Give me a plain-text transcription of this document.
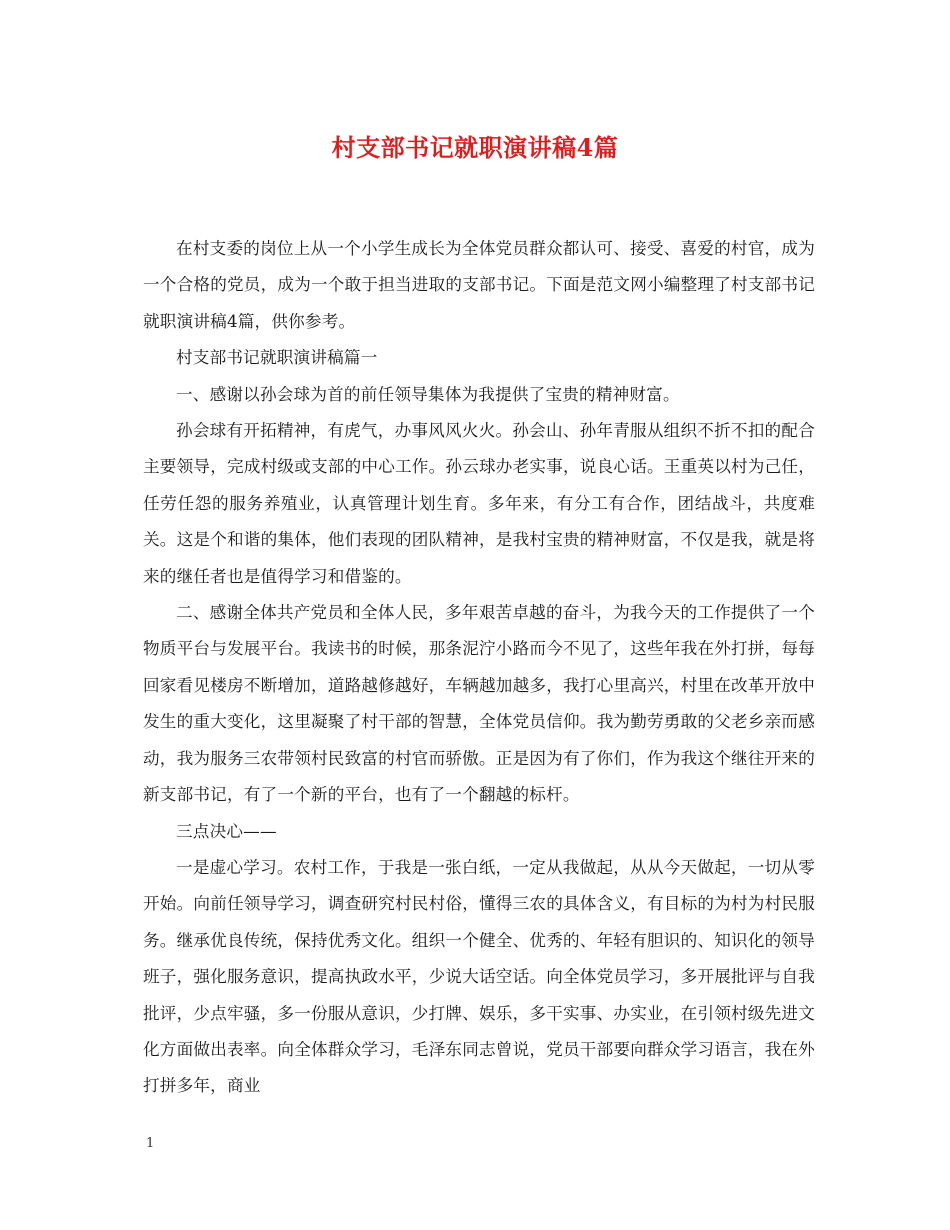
村支部书记就职演讲稿4篇

在村支委的岗位上从一个小学生成长为全体党员群众都认可、接受、喜爱的村官，成为一个合格的党员，成为一个敢于担当进取的支部书记。下面是范文网小编整理了村支部书记就职演讲稿4篇，供你参考。

村支部书记就职演讲稿篇一

一、感谢以孙会球为首的前任领导集体为我提供了宝贵的精神财富。

孙会球有开拓精神，有虎气，办事风风火火。孙会山、孙年青服从组织不折不扣的配合主要领导，完成村级或支部的中心工作。孙云球办老实事，说良心话。王重英以村为己任，任劳任怨的服务养殖业，认真管理计划生育。多年来，有分工有合作，团结战斗，共度难关。这是个和谐的集体，他们表现的团队精神，是我村宝贵的精神财富，不仅是我，就是将来的继任者也是值得学习和借鉴的。

二、感谢全体共产党员和全体人民，多年艰苦卓越的奋斗，为我今天的工作提供了一个物质平台与发展平台。我读书的时候，那条泥泞小路而今不见了，这些年我在外打拼，每每回家看见楼房不断增加，道路越修越好，车辆越加越多，我打心里高兴，村里在改革开放中发生的重大变化，这里凝聚了村干部的智慧，全体党员信仰。我为勤劳勇敢的父老乡亲而感动，我为服务三农带领村民致富的村官而骄傲。正是因为有了你们，作为我这个继往开来的新支部书记，有了一个新的平台，也有了一个翻越的标杆。

三点决心——

一是虚心学习。农村工作，于我是一张白纸，一定从我做起，从从今天做起，一切从零开始。向前任领导学习，调查研究村民村俗，懂得三农的具体含义，有目标的为村为村民服务。继承优良传统，保持优秀文化。组织一个健全、优秀的、年轻有胆识的、知识化的领导班子，强化服务意识，提高执政水平，少说大话空话。向全体党员学习，多开展批评与自我批评，少点牢骚，多一份服从意识，少打牌、娱乐，多干实事、办实业，在引领村级先进文化方面做出表率。向全体群众学习，毛泽东同志曾说，党员干部要向群众学习语言，我在外打拼多年，商业

1
